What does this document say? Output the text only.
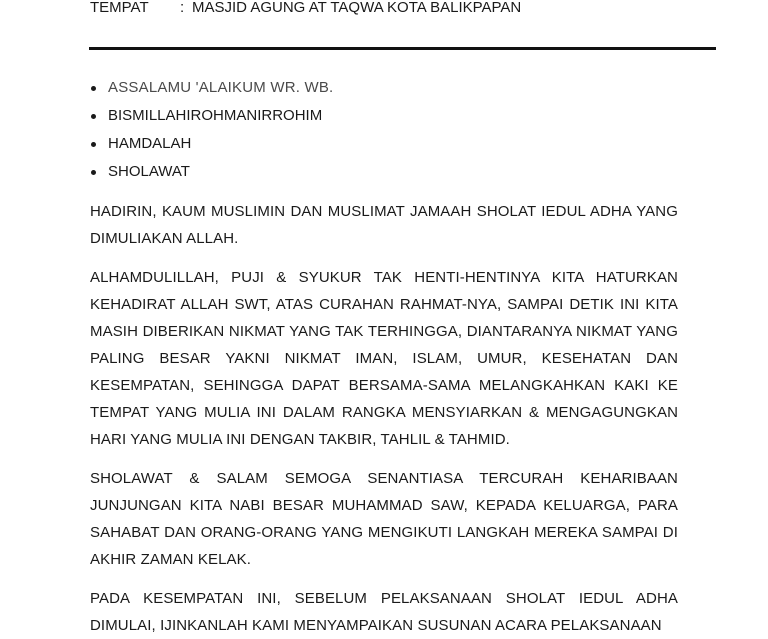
TEMPAT : MASJID AGUNG AT TAQWA KOTA BALIKPAPAN
ASSALAMU 'ALAIKUM WR. WB.
BISMILLAHIROHMANIRROHIM
HAMDALAH
SHOLAWAT

HADIRIN, KAUM MUSLIMIN DAN MUSLIMAT JAMAAH SHOLAT IEDUL ADHA YANG DIMULIAKAN ALLAH.

ALHAMDULILLAH, PUJI & SYUKUR TAK HENTI-HENTINYA KITA HATURKAN KEHADIRAT ALLAH SWT, ATAS CURAHAN RAHMAT-NYA, SAMPAI DETIK INI KITA MASIH DIBERIKAN NIKMAT YANG TAK TERHINGGA, DIANTARANYA NIKMAT YANG PALING BESAR YAKNI NIKMAT IMAN, ISLAM, UMUR, KESEHATAN DAN KESEMPATAN, SEHINGGA DAPAT BERSAMA-SAMA MELANGKAHKAN KAKI KE TEMPAT YANG MULIA INI DALAM RANGKA MENSYIARKAN & MENGAGUNGKAN HARI YANG MULIA INI DENGAN TAKBIR, TAHLIL & TAHMID.

SHOLAWAT & SALAM SEMOGA SENANTIASA TERCURAH KEHARIBAAN JUNJUNGAN KITA NABI BESAR MUHAMMAD SAW, KEPADA KELUARGA, PARA SAHABAT DAN ORANG-ORANG YANG MENGIKUTI LANGKAH MEREKA SAMPAI DI AKHIR ZAMAN KELAK.

PADA KESEMPATAN INI, SEBELUM PELAKSANAAN SHOLAT IEDUL ADHA DIMULAI, IJINKANLAH KAMI MENYAMPAIKAN SUSUNAN ACARA PELAKSANAAN
